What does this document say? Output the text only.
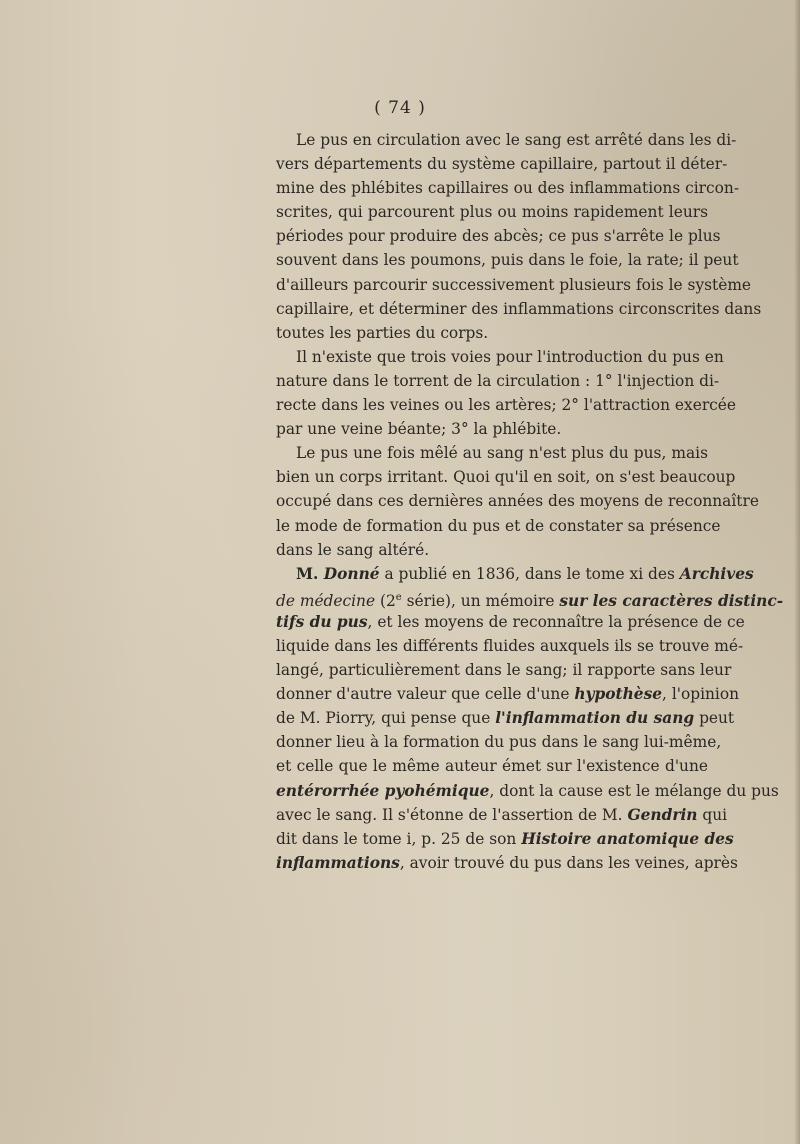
( 74 )
Le pus en circulation avec le sang est arrêté dans les di-
vers départements du système capillaire, partout il déter-
mine des phlébites capillaires ou des inflammations circon-
scrites, qui parcourent plus ou moins rapidement leurs
périodes pour produire des abcès; ce pus s'arrête le plus
souvent dans les poumons, puis dans le foie, la rate; il peut
d'ailleurs parcourir successivement plusieurs fois le système
capillaire, et déterminer des inflammations circonscrites dans
toutes les parties du corps.
Il n'existe que trois voies pour l'introduction du pus en
nature dans le torrent de la circulation : 1° l'injection di-
recte dans les veines ou les artères; 2° l'attraction exercée
par une veine béante; 3° la phlébite.
Le pus une fois mêlé au sang n'est plus du pus, mais
bien un corps irritant. Quoi qu'il en soit, on s'est beaucoup
occupé dans ces dernières années des moyens de reconnaître
le mode de formation du pus et de constater sa présence
dans le sang altéré.
M. Donné a publié en 1836, dans le tome xi des Archives
de médecine (2e série), un mémoire sur les caractères distinc-
tifs du pus, et les moyens de reconnaître la présence de ce
liquide dans les différents fluides auxquels ils se trouve mé-
langé, particulièrement dans le sang; il rapporte sans leur
donner d'autre valeur que celle d'une hypothèse, l'opinion
de M. Piorry, qui pense que l'inflammation du sang peut
donner lieu à la formation du pus dans le sang lui-même,
et celle que le même auteur émet sur l'existence d'une
entérorrhée pyohémique, dont la cause est le mélange du pus
avec le sang. Il s'étonne de l'assertion de M. Gendrin qui
dit dans le tome i, p. 25 de son Histoire anatomique des
inflammations, avoir trouvé du pus dans les veines, après
